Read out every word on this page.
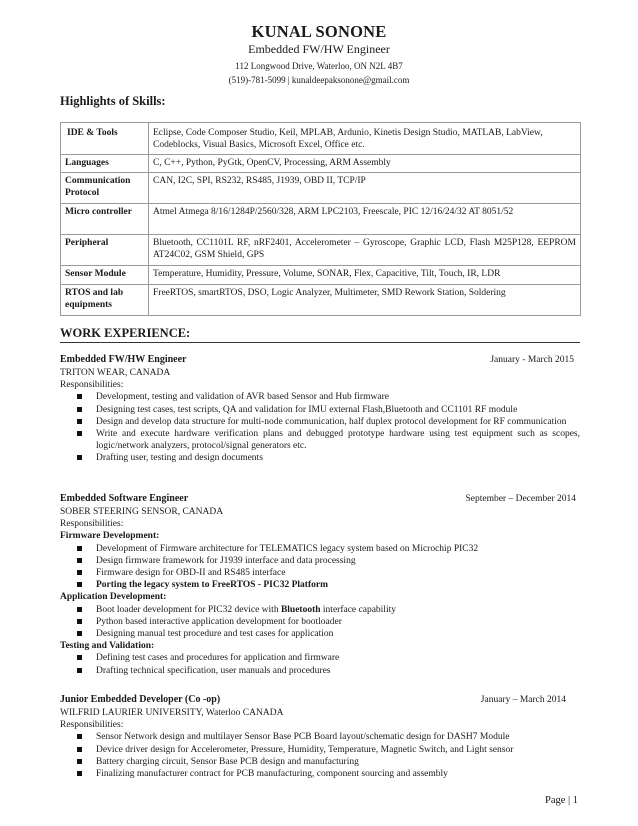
KUNAL SONONE
Embedded FW/HW Engineer
112 Longwood Drive, Waterloo, ON N2L 4B7
(519)-781-5099 | kunaldeepaksonone@gmail.com
Highlights of Skills:
IDE & Tools	Eclipse, Code Composer Studio, Keil, MPLAB, Ardunio, Kinetis Design Studio, MATLAB, LabView, Codeblocks, Visual Basics, Microsoft Excel, Office etc.
Languages	C, C++, Python, PyGtk, OpenCV, Processing, ARM Assembly
Communication Protocol	CAN, I2C, SPI, RS232, RS485, J1939, OBD II, TCP/IP
Micro controller	Atmel Atmega 8/16/1284P/2560/328, ARM LPC2103, Freescale, PIC 12/16/24/32 AT 8051/52
Peripheral	Bluetooth, CC1101L RF, nRF2401, Accelerometer – Gyroscope, Graphic LCD, Flash M25P128, EEPROM AT24C02, GSM Shield, GPS
Sensor Module	Temperature, Humidity, Pressure, Volume, SONAR, Flex, Capacitive, Tilt, Touch, IR, LDR
RTOS and lab equipments	FreeRTOS, smartRTOS, DSO, Logic Analyzer, Multimeter, SMD Rework Station, Soldering
WORK EXPERIENCE:
Embedded FW/HW Engineer	January - March 2015
TRITON WEAR, CANADA
Responsibilities:
Development, testing and validation of AVR based Sensor and Hub firmware
Designing test cases, test scripts, QA and validation for IMU external Flash,Bluetooth and CC1101 RF module
Design and develop data structure for multi-node communication, half duplex protocol development for RF communication
Write and execute hardware verification plans and debugged prototype hardware using test equipment such as scopes, logic/network analyzers, protocol/signal generators etc.
Drafting user, testing and design documents
Embedded Software Engineer	September – December 2014
SOBER STEERING SENSOR, CANADA
Responsibilities:
Firmware Development:
Development of Firmware architecture for TELEMATICS legacy system based on Microchip PIC32
Design firmware framework for J1939 interface and data processing
Firmware design for OBD-II and RS485 interface
Porting the legacy system to FreeRTOS - PIC32 Platform
Application Development:
Boot loader development for PIC32 device with Bluetooth interface capability
Python based interactive application development for bootloader
Designing manual test procedure and test cases for application
Testing and Validation:
Defining test cases and procedures for application and firmware
Drafting technical specification, user manuals and procedures
Junior Embedded Developer (Co -op)	January – March 2014
WILFRID LAURIER UNIVERSITY, Waterloo CANADA
Responsibilities:
Sensor Network design and multilayer Sensor Base PCB Board layout/schematic design for DASH7 Module
Device driver design for Accelerometer, Pressure, Humidity, Temperature, Magnetic Switch, and Light sensor
Battery charging circuit, Sensor Base PCB design and manufacturing
Finalizing manufacturer contract for PCB manufacturing, component sourcing and assembly
Page | 1
